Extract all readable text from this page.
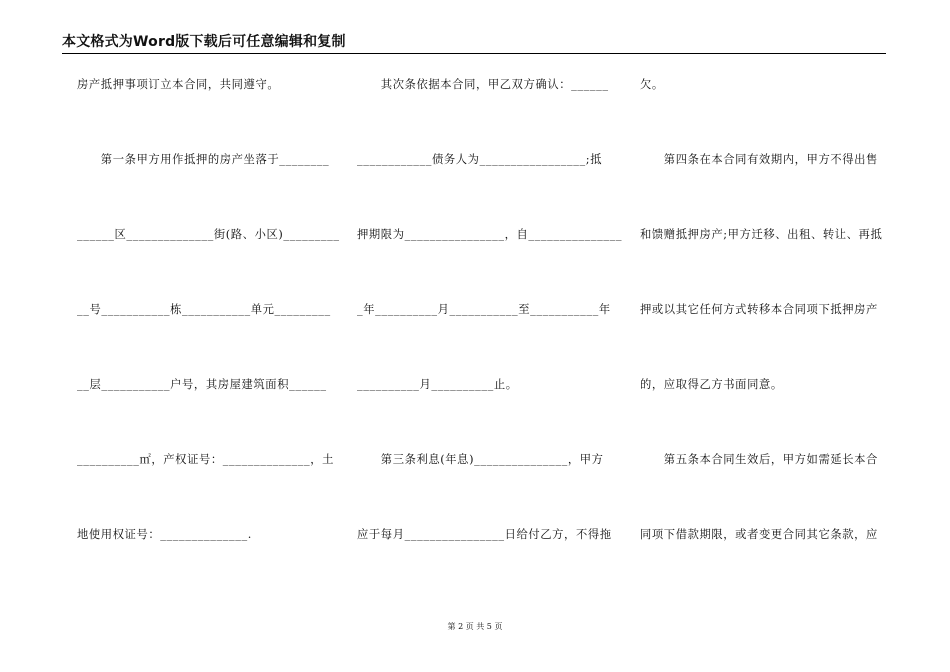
本文格式为Word版下载后可任意编辑和复制
房产抵押事项订立本合同，共同遵守。
　　第一条甲方用作抵押的房产坐落于________
______区______________街(路、小区)_________
__号___________栋___________单元_________
__层___________户号，其房屋建筑面积______
__________㎡，产权证号：______________，土
地使用权证号：______________.
　　其次条依据本合同，甲乙双方确认：______
____________债务人为_________________;抵
押期限为________________，自_______________
_年__________月___________至___________年
__________月__________止。
　　第三条利息(年息)_______________，甲方
应于每月________________日给付乙方，不得拖
欠。
　　第四条在本合同有效期内，甲方不得出售
和馈赠抵押房产;甲方迁移、出租、转让、再抵
押或以其它任何方式转移本合同项下抵押房产
的，应取得乙方书面同意。
　　第五条本合同生效后，甲方如需延长本合
同项下借款期限，或者变更合同其它条款，应
第 2 页 共 5 页
